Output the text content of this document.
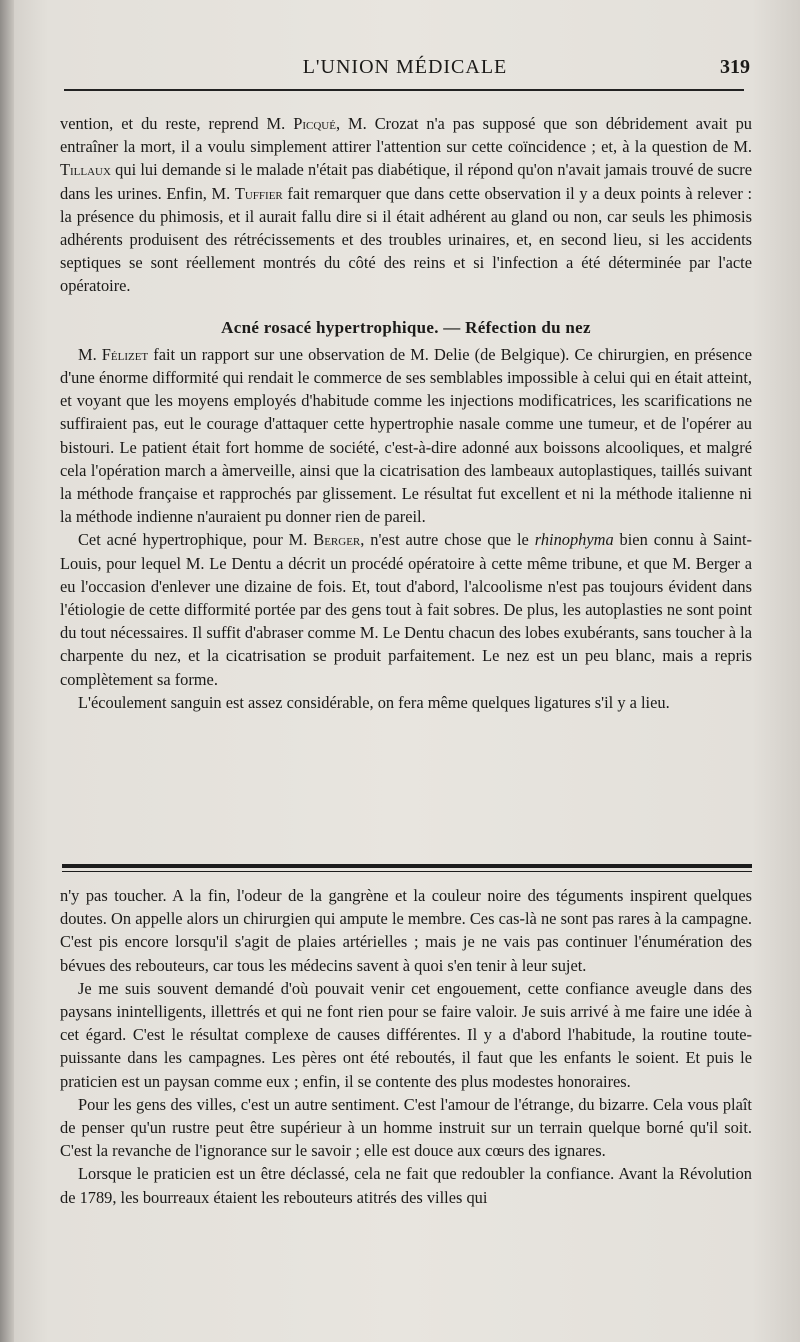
L'UNION MÉDICALE	319

vention, et du reste, reprend M. Picqué, M. Crozat n'a pas supposé que son débridement avait pu entraîner la mort, il a voulu simplement attirer l'attention sur cette coïncidence ; et, à la question de M. Tillaux qui lui demande si le malade n'était pas diabétique, il répond qu'on n'avait jamais trouvé de sucre dans les urines. Enfin, M. Tuffier fait remarquer que dans cette observation il y a deux points à relever : la présence du phimosis, et il aurait fallu dire si il était adhérent au gland ou non, car seuls les phimosis adhérents produisent des rétrécissements et des troubles urinaires, et, en second lieu, si les accidents septiques se sont réellement montrés du côté des reins et si l'infection a été déterminée par l'acte opératoire.

Acné rosacé hypertrophique. — Réfection du nez

M. Félizet fait un rapport sur une observation de M. Delie (de Belgique). Ce chirurgien, en présence d'une énorme difformité qui rendait le commerce de ses semblables impossible à celui qui en était atteint, et voyant que les moyens employés d'habitude comme les injections modificatrices, les scarifications ne suffiraient pas, eut le courage d'attaquer cette hypertrophie nasale comme une tumeur, et de l'opérer au bistouri. Le patient était fort homme de société, c'est-à-dire adonné aux boissons alcooliques, et malgré cela l'opération march a àmerveille, ainsi que la cicatrisation des lambeaux autoplastiques, taillés suivant la méthode française et rapprochés par glissement. Le résultat fut excellent et ni la méthode italienne ni la méthode indienne n'auraient pu donner rien de pareil.

Cet acné hypertrophique, pour M. Berger, n'est autre chose que le rhinophyma bien connu à Saint-Louis, pour lequel M. Le Dentu a décrit un procédé opératoire à cette même tribune, et que M. Berger a eu l'occasion d'enlever une dizaine de fois. Et, tout d'abord, l'alcoolisme n'est pas toujours évident dans l'étiologie de cette difformité portée par des gens tout à fait sobres. De plus, les autoplasties ne sont point du tout nécessaires. Il suffit d'abraser comme M. Le Dentu chacun des lobes exubérants, sans toucher à la charpente du nez, et la cicatrisation se produit parfaitement. Le nez est un peu blanc, mais a repris complètement sa forme.

L'écoulement sanguin est assez considérable, on fera même quelques ligatures s'il y a lieu.

n'y pas toucher. A la fin, l'odeur de la gangrène et la couleur noire des téguments inspirent quelques doutes. On appelle alors un chirurgien qui ampute le membre. Ces cas-là ne sont pas rares à la campagne. C'est pis encore lorsqu'il s'agit de plaies artérielles ; mais je ne vais pas continuer l'énumération des bévues des rebouteurs, car tous les médecins savent à quoi s'en tenir à leur sujet.

Je me suis souvent demandé d'où pouvait venir cet engouement, cette confiance aveugle dans des paysans inintelligents, illettrés et qui ne font rien pour se faire valoir. Je suis arrivé à me faire une idée à cet égard. C'est le résultat complexe de causes différentes. Il y a d'abord l'habitude, la routine toute-puissante dans les campagnes. Les pères ont été reboutés, il faut que les enfants le soient. Et puis le praticien est un paysan comme eux ; enfin, il se contente des plus modestes honoraires.

Pour les gens des villes, c'est un autre sentiment. C'est l'amour de l'étrange, du bizarre. Cela vous plaît de penser qu'un rustre peut être supérieur à un homme instruit sur un terrain quelque borné qu'il soit. C'est la revanche de l'ignorance sur le savoir ; elle est douce aux cœurs des ignares.

Lorsque le praticien est un être déclassé, cela ne fait que redoubler la confiance. Avant la Révolution de 1789, les bourreaux étaient les rebouteurs atitrés des villes qui
